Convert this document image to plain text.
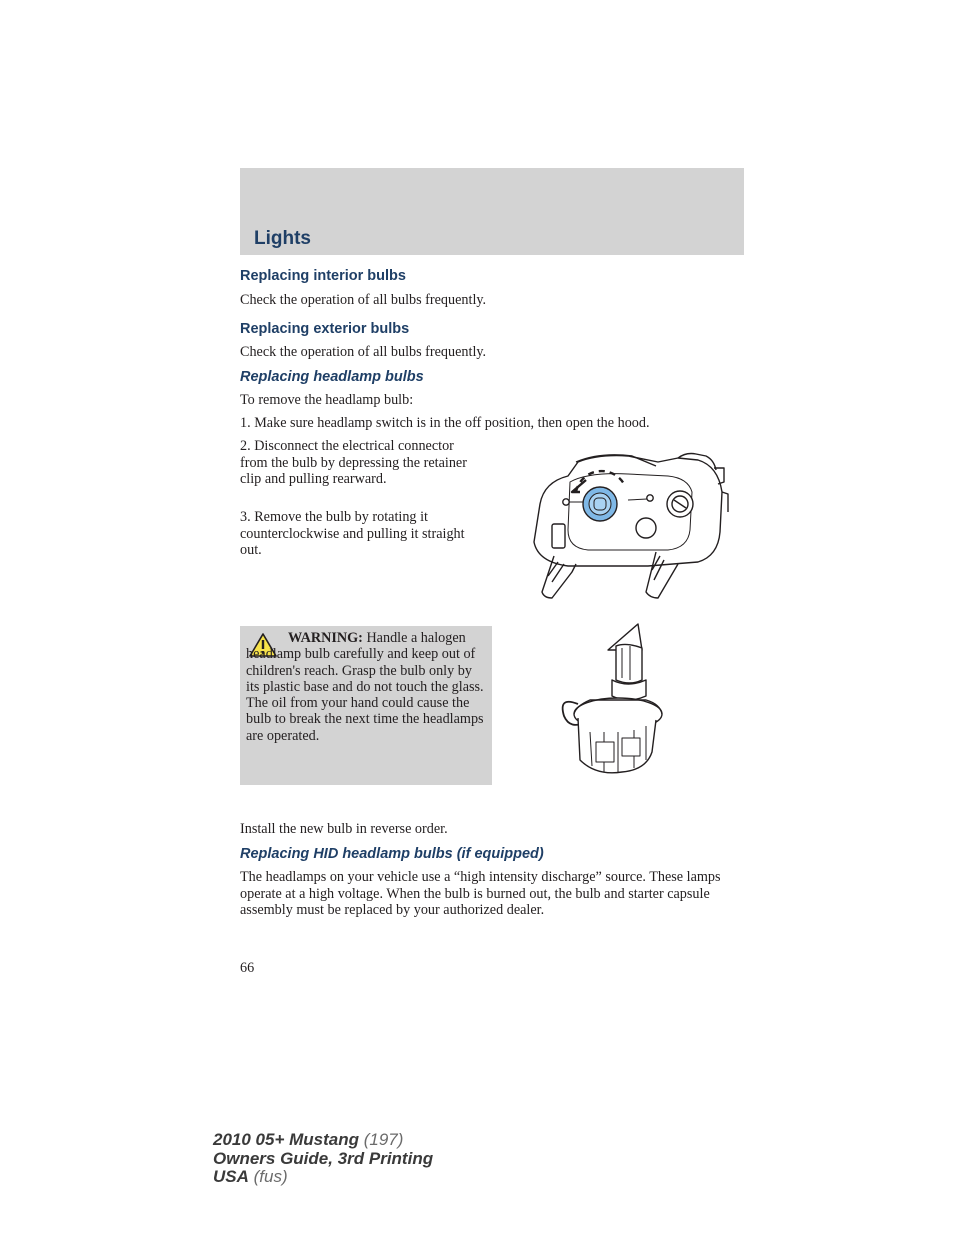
Lights
Replacing interior bulbs
Check the operation of all bulbs frequently.
Replacing exterior bulbs
Check the operation of all bulbs frequently.
Replacing headlamp bulbs
To remove the headlamp bulb:
1. Make sure headlamp switch is in the off position, then open the hood.
2. Disconnect the electrical connector from the bulb by depressing the retainer clip and pulling rearward.
3. Remove the bulb by rotating it counterclockwise and pulling it straight out.
WARNING: Handle a halogen headlamp bulb carefully and keep out of children's reach. Grasp the bulb only by its plastic base and do not touch the glass. The oil from your hand could cause the bulb to break the next time the headlamps are operated.
Install the new bulb in reverse order.
Replacing HID headlamp bulbs (if equipped)
The headlamps on your vehicle use a “high intensity discharge” source. These lamps operate at a high voltage. When the bulb is burned out, the bulb and starter capsule assembly must be replaced by your authorized dealer.
66
2010 05+ Mustang (197)
Owners Guide, 3rd Printing
USA (fus)
